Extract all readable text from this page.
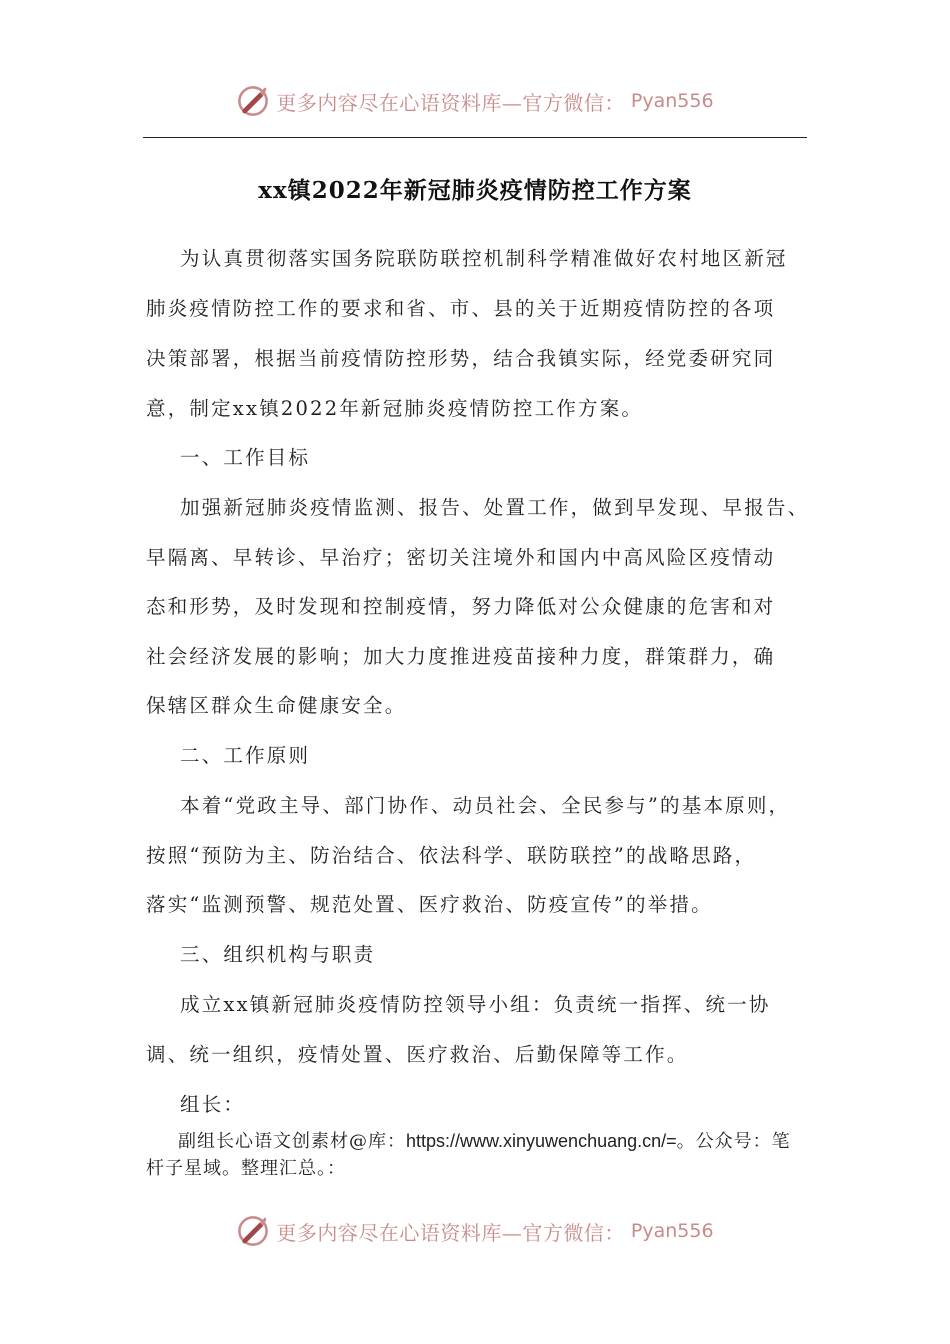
更多内容尽在心语资料库—官方微信： Pyan556
xx镇2022年新冠肺炎疫情防控工作方案
为认真贯彻落实国务院联防联控机制科学精准做好农村地区新冠
肺炎疫情防控工作的要求和省、市、县的关于近期疫情防控的各项
决策部署，根据当前疫情防控形势，结合我镇实际，经党委研究同
意，制定xx镇2022年新冠肺炎疫情防控工作方案。
一、工作目标
加强新冠肺炎疫情监测、报告、处置工作，做到早发现、早报告、
早隔离、早转诊、早治疗；密切关注境外和国内中高风险区疫情动
态和形势，及时发现和控制疫情，努力降低对公众健康的危害和对
社会经济发展的影响；加大力度推进疫苗接种力度，群策群力，确
保辖区群众生命健康安全。
二、工作原则
本着“党政主导、部门协作、动员社会、全民参与”的基本原则，
按照“预防为主、防治结合、依法科学、联防联控”的战略思路，
落实“监测预警、规范处置、医疗救治、防疫宣传”的举措。
三、组织机构与职责
成立xx镇新冠肺炎疫情防控领导小组：负责统一指挥、统一协
调、统一组织，疫情处置、医疗救治、后勤保障等工作。
组长：
副组长心语文创素材@库：https://www.xinyuwenchuang.cn/=。公众号：笔
杆子星域。整理汇总。：
更多内容尽在心语资料库—官方微信： Pyan556
